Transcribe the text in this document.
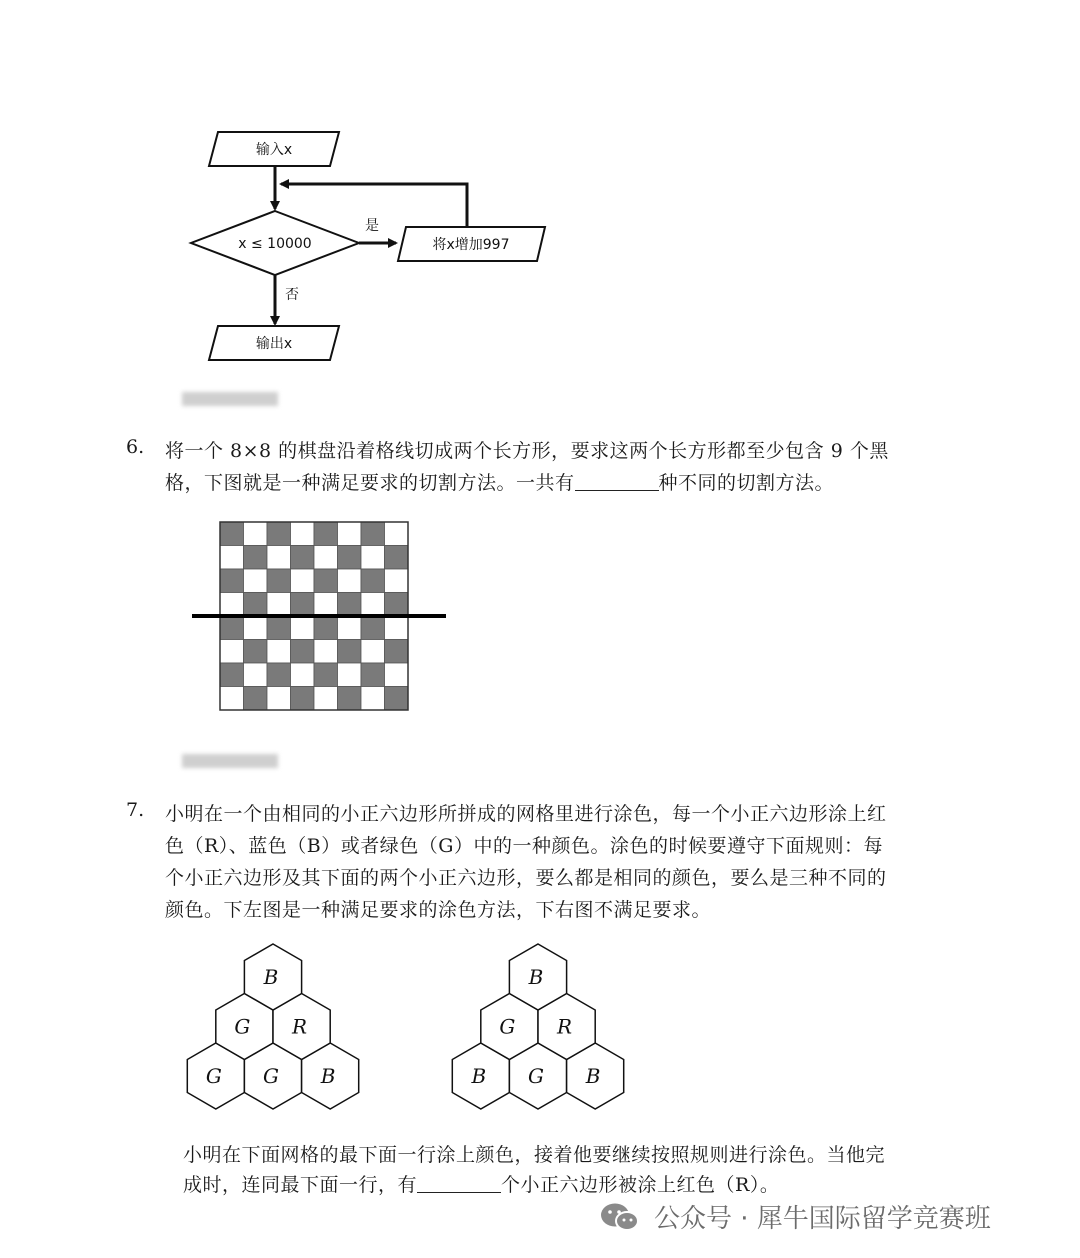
输入x
x ≤ 10000
是
将x增加997
否
输出x
6. 将一个 8×8 的棋盘沿着格线切成两个长方形，要求这两个长方形都至少包含 9 个黑
格，下图就是一种满足要求的切割方法。一共有	种不同的切割方法。
7. 小明在一个由相同的小正六边形所拼成的网格里进行涂色，每一个小正六边形涂上红
色（R）、蓝色（B）或者绿色（G）中的一种颜色。涂色的时候要遵守下面规则：每
个小正六边形及其下面的两个小正六边形，要么都是相同的颜色，要么是三种不同的
颜色。下左图是一种满足要求的涂色方法，下右图不满足要求。
G G B
G R
B
B G B
G R
B
小明在下面网格的最下面一行涂上颜色，接着他要继续按照规则进行涂色。当他完
成时，连同最下面一行，有	个小正六边形被涂上红色（R）。
公众号 · 犀牛国际留学竞赛班
